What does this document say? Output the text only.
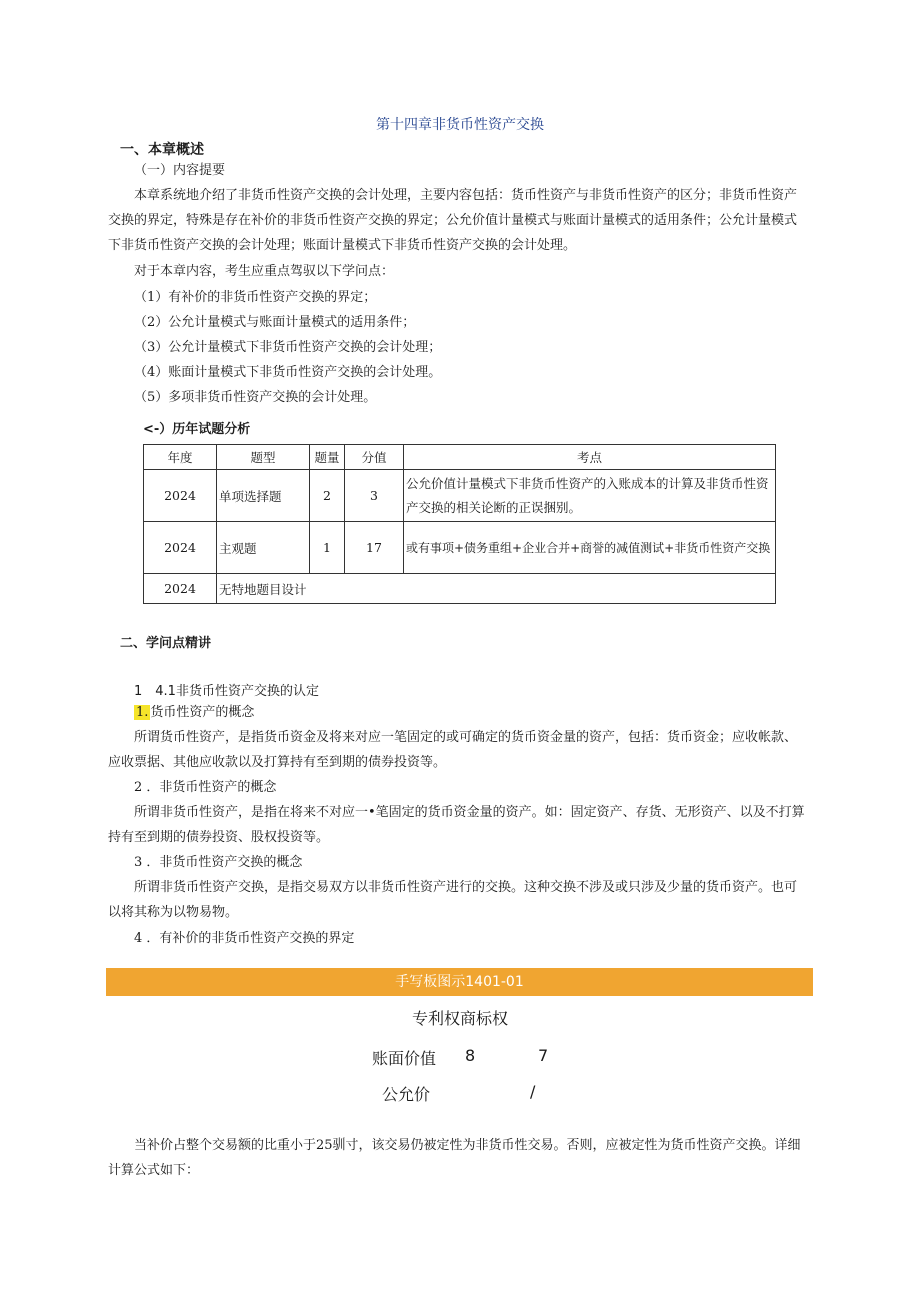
第十四章非货币性资产交换
一、本章概述
（一）内容提要
本章系统地介绍了非货币性资产交换的会计处理，主要内容包括：货币性资产与非货币性资产的区分；非货币性资产交换的界定，特殊是存在补价的非货币性资产交换的界定；公允价值计量模式与账面计量模式的适用条件；公允计量模式下非货币性资产交换的会计处理；账面计量模式下非货币性资产交换的会计处理。
对于本章内容，考生应重点驾驭以下学问点：
（1）有补价的非货币性资产交换的界定；
（2）公允计量模式与账面计量模式的适用条件；
（3）公允计量模式下非货币性资产交换的会计处理；
（4）账面计量模式下非货币性资产交换的会计处理。
（5）多项非货币性资产交换的会计处理。
<-）历年试题分析
年度	题型	题量	分值	考点
2024	单项选择题	2	3	公允价值计量模式下非货币性资产的入账成本的计算及非货币性资产交换的相关论断的正误捆别。
2024	主观题	1	17	或有事项+债务重组+企业合并+商誉的减值测试+非货币性资产交换
2024	无特地题目设计			
二、学问点精讲
1　4.1非货币性资产交换的认定
1. 货币性资产的概念
所谓货币性资产，是指货币资金及将来对应一笔固定的或可确定的货币资金量的资产，包括：货币资金；应收帐款、应收票据、其他应收款以及打算持有至到期的债券投资等。
2 ．非货币性资产的概念
所谓非货币性资产，是指在将来不对应一•笔固定的货币资金量的资产。如：固定资产、存货、无形资产、以及不打算持有至到期的债券投资、股权投资等。
3 ．非货币性资产交换的概念
所谓非货币性资产交换，是指交易双方以非货币性资产进行的交换。这种交换不涉及或只涉及少量的货币资产。也可以将其称为以物易物。
4 ．有补价的非货币性资产交换的界定
手写板图示1401-01
专利权商标权
账面价值 8	7
公允价	/
当补价占整个交易额的比重小于25驯寸，该交易仍被定性为非货币性交易。否则，应被定性为货币性资产交换。详细计算公式如下：
